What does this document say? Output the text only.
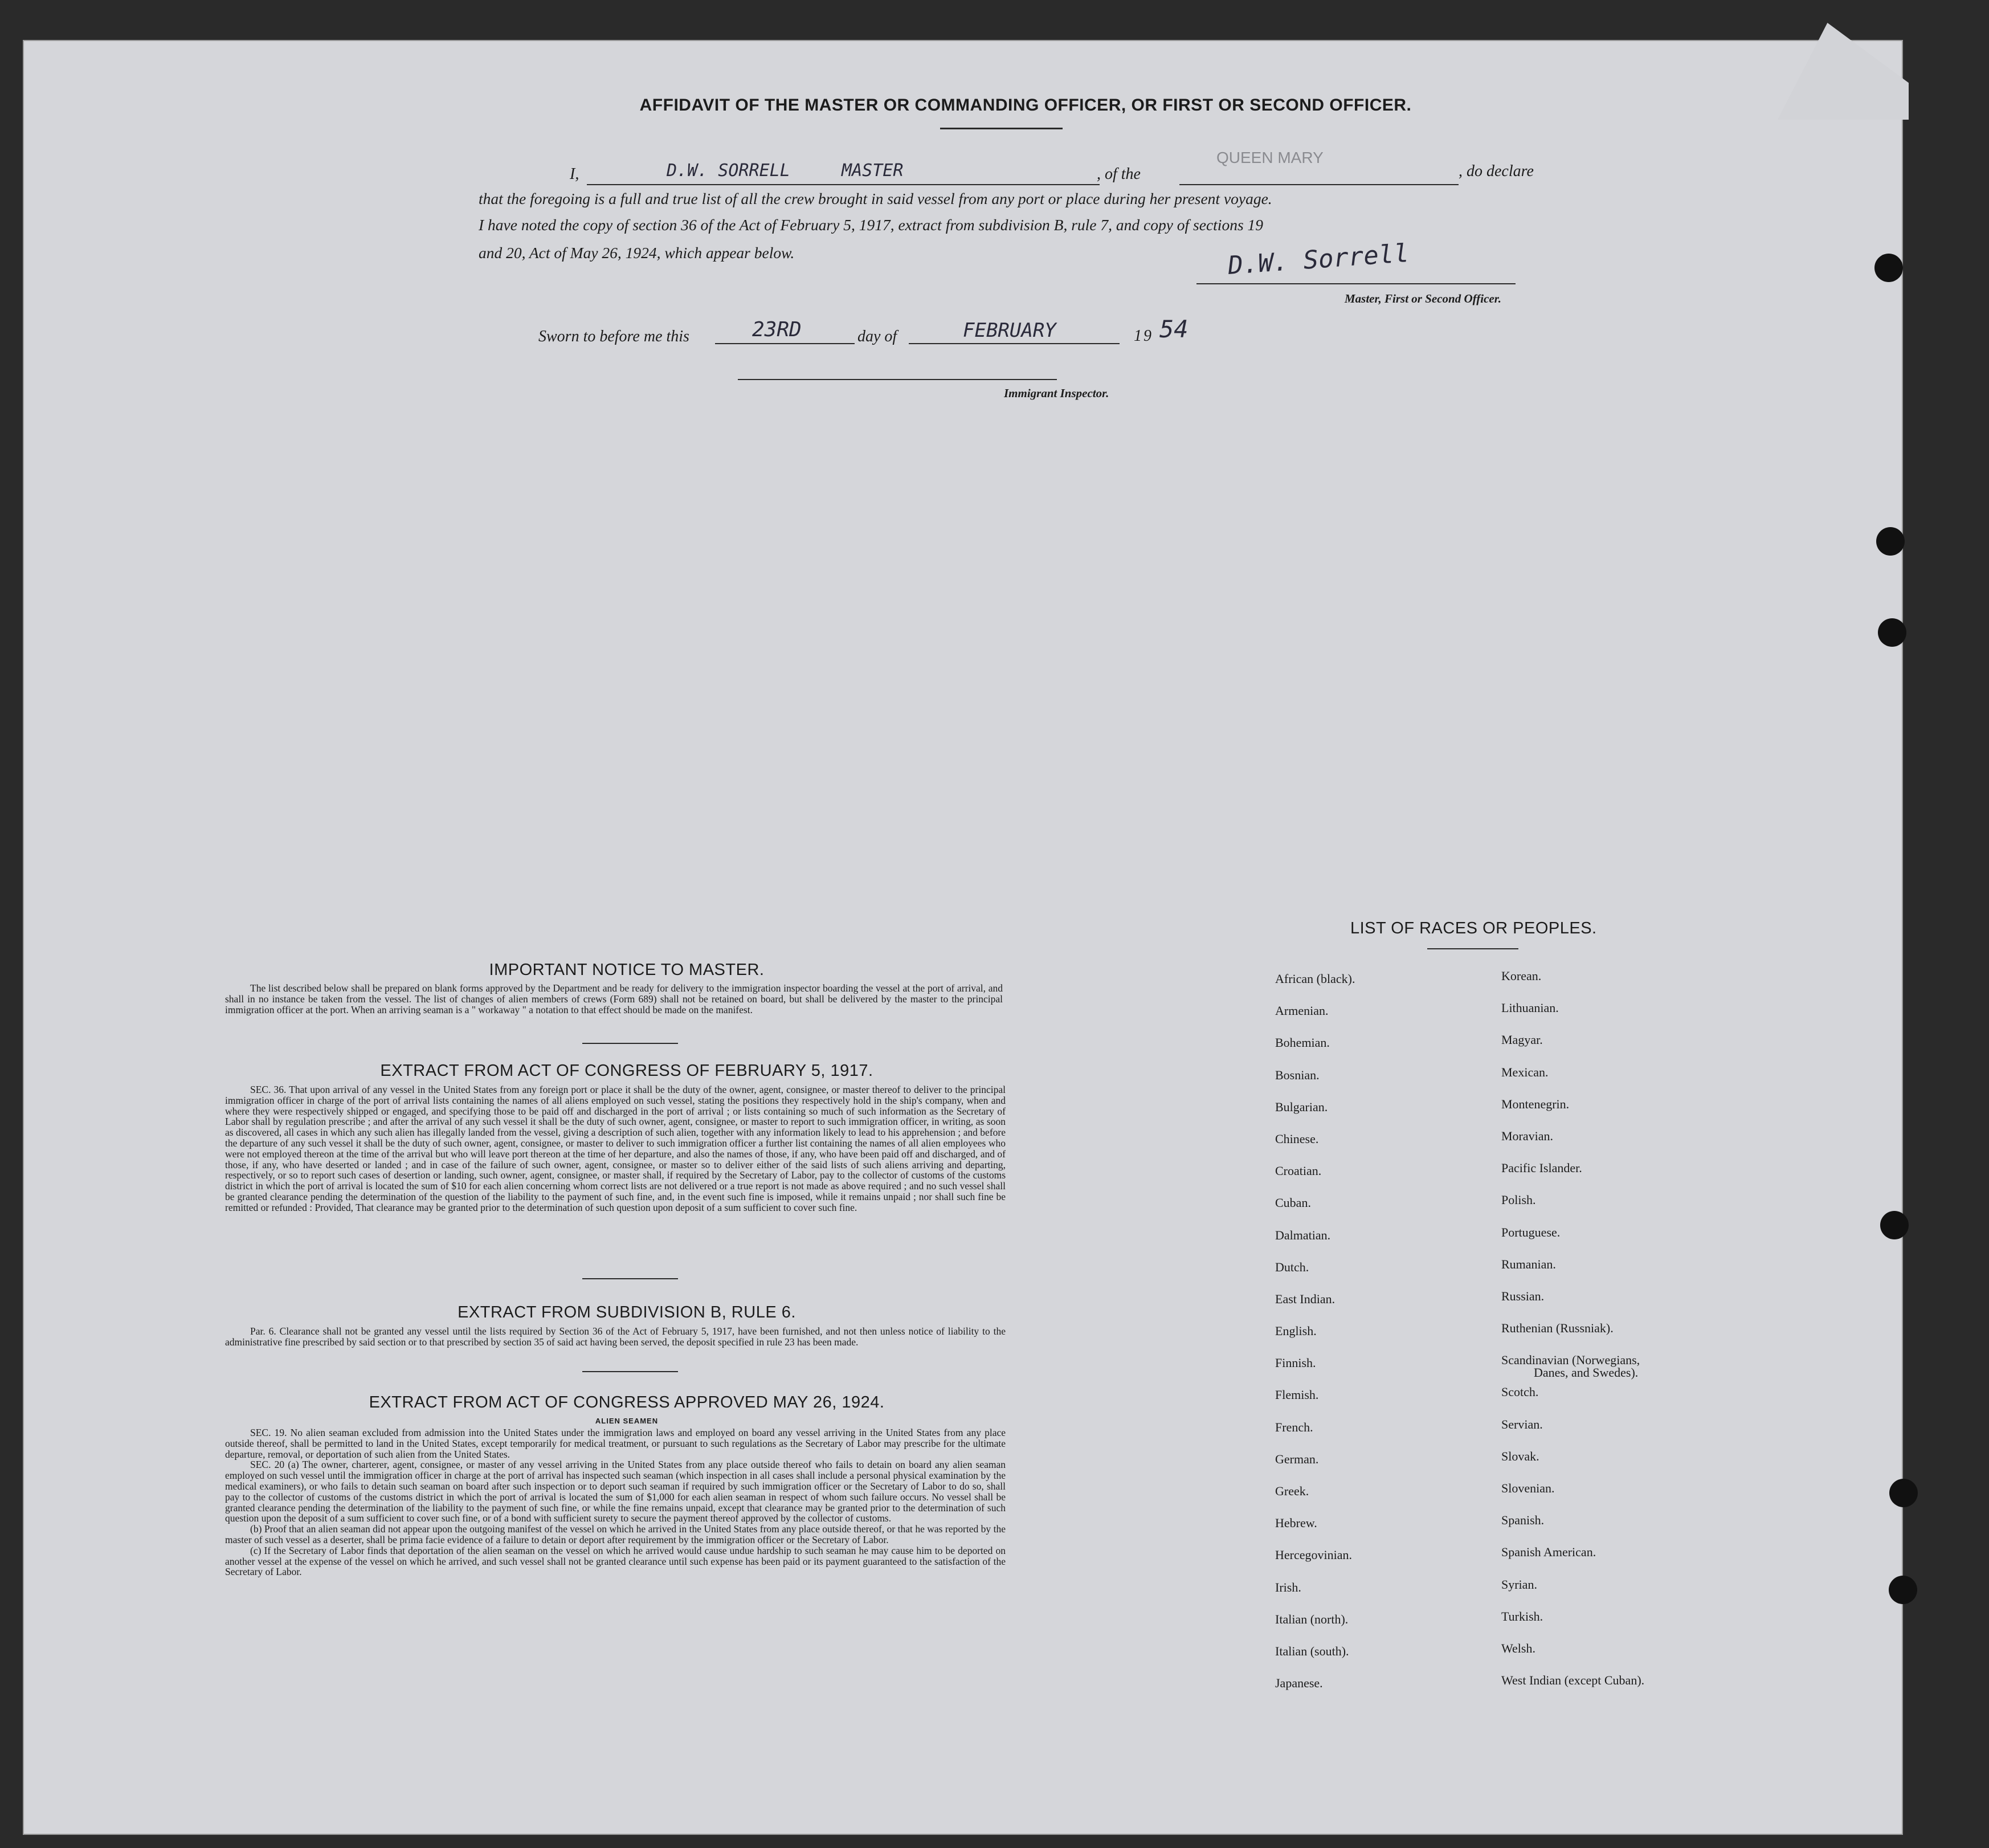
AFFIDAVIT OF THE MASTER OR COMMANDING OFFICER, OR FIRST OR SECOND OFFICER.
I,	D.W. SORRELL     MASTER	, of the
QUEEN MARY
, do declare
that the foregoing is a full and true list of all the crew brought in said vessel from any port or place during her present voyage.
I have noted the copy of section 36 of the Act of February 5, 1917, extract from subdivision B, rule 7, and copy of sections 19
and 20, Act of May 26, 1924, which appear below.	D.W. Sorrell
Master, First or Second Officer.
Sworn to before me this	23RD	day of	FEBRUARY	19 54
Immigrant Inspector.
IMPORTANT NOTICE TO MASTER.

The list described below shall be prepared on blank forms approved by the Department and be ready for delivery to the immigration inspector boarding the vessel at the port of arrival, and shall in no instance be taken from the vessel. The list of changes of alien members of crews (Form 689) shall not be retained on board, but shall be delivered by the master to the principal immigration officer at the port. When an arriving seaman is a " workaway " a notation to that effect should be made on the manifest.

EXTRACT FROM ACT OF CONGRESS OF FEBRUARY 5, 1917.

SEC. 36. That upon arrival of any vessel in the United States from any foreign port or place it shall be the duty of the owner, agent, consignee, or master thereof to deliver to the principal immigration officer in charge of the port of arrival lists containing the names of all aliens employed on such vessel, stating the positions they respectively hold in the ship's company, when and where they were respectively shipped or engaged, and specifying those to be paid off and discharged in the port of arrival ; or lists containing so much of such information as the Secretary of Labor shall by regulation prescribe ; and after the arrival of any such vessel it shall be the duty of such owner, agent, consignee, or master to report to such immigration officer, in writing, as soon as discovered, all cases in which any such alien has illegally landed from the vessel, giving a description of such alien, together with any information likely to lead to his apprehension ; and before the departure of any such vessel it shall be the duty of such owner, agent, consignee, or master to deliver to such immigration officer a further list containing the names of all alien employees who were not employed thereon at the time of the arrival but who will leave port thereon at the time of her departure, and also the names of those, if any, who have been paid off and discharged, and of those, if any, who have deserted or landed ; and in case of the failure of such owner, agent, consignee, or master so to deliver either of the said lists of such aliens arriving and departing, respectively, or so to report such cases of desertion or landing, such owner, agent, consignee, or master shall, if required by the Secretary of Labor, pay to the collector of customs of the customs district in which the port of arrival is located the sum of $10 for each alien concerning whom correct lists are not delivered or a true report is not made as above required ; and no such vessel shall be granted clearance pending the determination of the question of the liability to the payment of such fine, and, in the event such fine is imposed, while it remains unpaid ; nor shall such fine be remitted or refunded : Provided, That clearance may be granted prior to the determination of such question upon deposit of a sum sufficient to cover such fine.

EXTRACT FROM SUBDIVISION B, RULE 6.

Par. 6. Clearance shall not be granted any vessel until the lists required by Section 36 of the Act of February 5, 1917, have been furnished, and not then unless notice of liability to the administrative fine prescribed by said section or to that prescribed by section 35 of said act having been served, the deposit specified in rule 23 has been made.

EXTRACT FROM ACT OF CONGRESS APPROVED MAY 26, 1924.
ALIEN SEAMEN

SEC. 19. No alien seaman excluded from admission into the United States under the immigration laws and employed on board any vessel arriving in the United States from any place outside thereof, shall be permitted to land in the United States, except temporarily for medical treatment, or pursuant to such regulations as the Secretary of Labor may prescribe for the ultimate departure, removal, or deportation of such alien from the United States.

SEC. 20 (a) The owner, charterer, agent, consignee, or master of any vessel arriving in the United States from any place outside thereof who fails to detain on board any alien seaman employed on such vessel until the immigration officer in charge at the port of arrival has inspected such seaman (which inspection in all cases shall include a personal physical examination by the medical examiners), or who fails to detain such seaman on board after such inspection or to deport such seaman if required by such immigration officer or the Secretary of Labor to do so, shall pay to the collector of customs of the customs district in which the port of arrival is located the sum of $1,000 for each alien seaman in respect of whom such failure occurs. No vessel shall be granted clearance pending the determination of the liability to the payment of such fine, or while the fine remains unpaid, except that clearance may be granted prior to the determination of such question upon the deposit of a sum sufficient to cover such fine, or of a bond with sufficient surety to secure the payment thereof approved by the collector of customs.

(b) Proof that an alien seaman did not appear upon the outgoing manifest of the vessel on which he arrived in the United States from any place outside thereof, or that he was reported by the master of such vessel as a deserter, shall be prima facie evidence of a failure to detain or deport after requirement by the immigration officer or the Secretary of Labor.

(c) If the Secretary of Labor finds that deportation of the alien seaman on the vessel on which he arrived would cause undue hardship to such seaman he may cause him to be deported on another vessel at the expense of the vessel on which he arrived, and such vessel shall not be granted clearance until such expense has been paid or its payment guaranteed to the satisfaction of the Secretary of Labor.

LIST OF RACES OR PEOPLES.
African (black).
Armenian.
Bohemian.
Bosnian.
Bulgarian.
Chinese.
Croatian.
Cuban.
Dalmatian.
Dutch.
East Indian.
English.
Finnish.
Flemish.
French.
German.
Greek.
Hebrew.
Hercegovinian.
Irish.
Italian (north).
Italian (south).
Japanese.
Korean.
Lithuanian.
Magyar.
Mexican.
Montenegrin.
Moravian.
Pacific Islander.
Polish.
Portuguese.
Rumanian.
Russian.
Ruthenian (Russniak).
Scandinavian (Norwegians,
Scotch.
Servian.
Slovak.
Slovenian.
Spanish.
Spanish American.
Syrian.
Turkish.
Welsh.
West Indian (except Cuban).
Danes, and Swedes).
